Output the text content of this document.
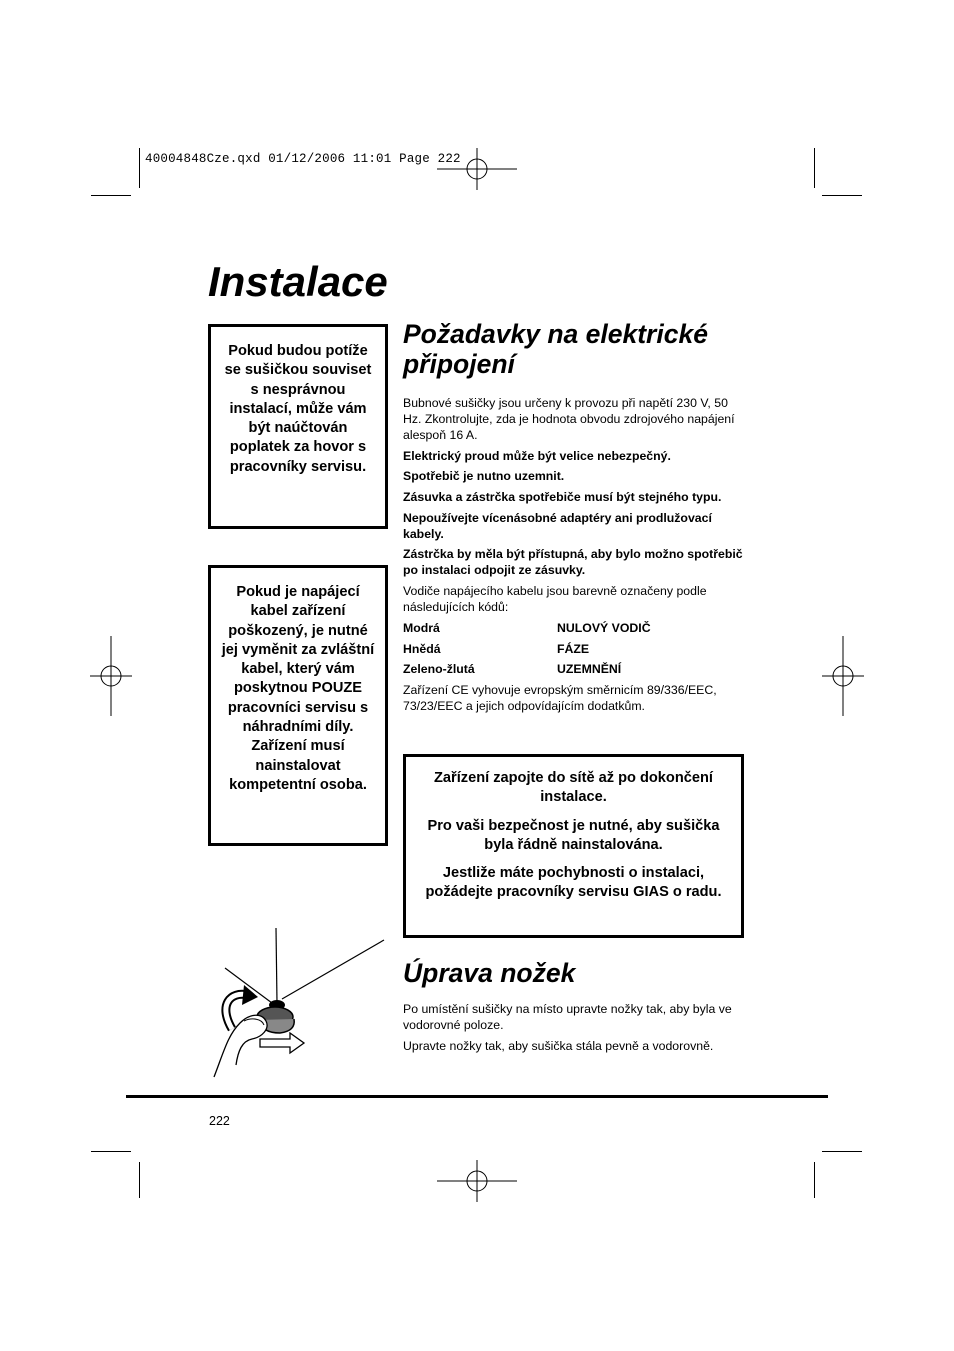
40004848Cze.qxd 01/12/2006 11:01 Page 222
Instalace
Pokud budou potíže se sušičkou souviset s nesprávnou instalací, může vám být naúčtován poplatek za hovor s pracovníky servisu.
Pokud je napájecí kabel zařízení poškozený, je nutné jej vyměnit za zvláštní kabel, který vám poskytnou POUZE pracovníci servisu s náhradními díly. Zařízení musí nainstalovat kompetentní osoba.
Požadavky na elektrické připojení

Bubnové sušičky jsou určeny k provozu při napětí 230 V, 50 Hz. Zkontrolujte, zda je hodnota obvodu zdrojového napájení alespoň 16 A.

Elektrický proud může být velice nebezpečný.

Spotřebič je nutno uzemnit.

Zásuvka a zástrčka spotřebiče musí být stejného typu.

Nepoužívejte vícenásobné adaptéry ani prodlužovací kabely.

Zástrčka by měla být přístupná, aby bylo možno spotřebič po instalaci odpojit ze zásuvky.

Vodiče napájecího kabelu jsou barevně označeny podle následujících kódů:

Modrá	NULOVÝ VODIČ
Hnědá	FÁZE
Zeleno-žlutá	UZEMNĚNÍ

Zařízení CE vyhovuje evropským směrnicím 89/336/EEC, 73/23/EEC a jejich odpovídajícím dodatkům.

Zařízení zapojte do sítě až po dokončení instalace.

Pro vaši bezpečnost je nutné, aby sušička byla řádně nainstalována.

Jestliže máte pochybnosti o instalaci, požádejte pracovníky servisu GIAS o radu.

Úprava nožek

Po umístění sušičky na místo upravte nožky tak, aby byla ve vodorovné poloze.

Upravte nožky tak, aby sušička stála pevně a vodorovně.

222
